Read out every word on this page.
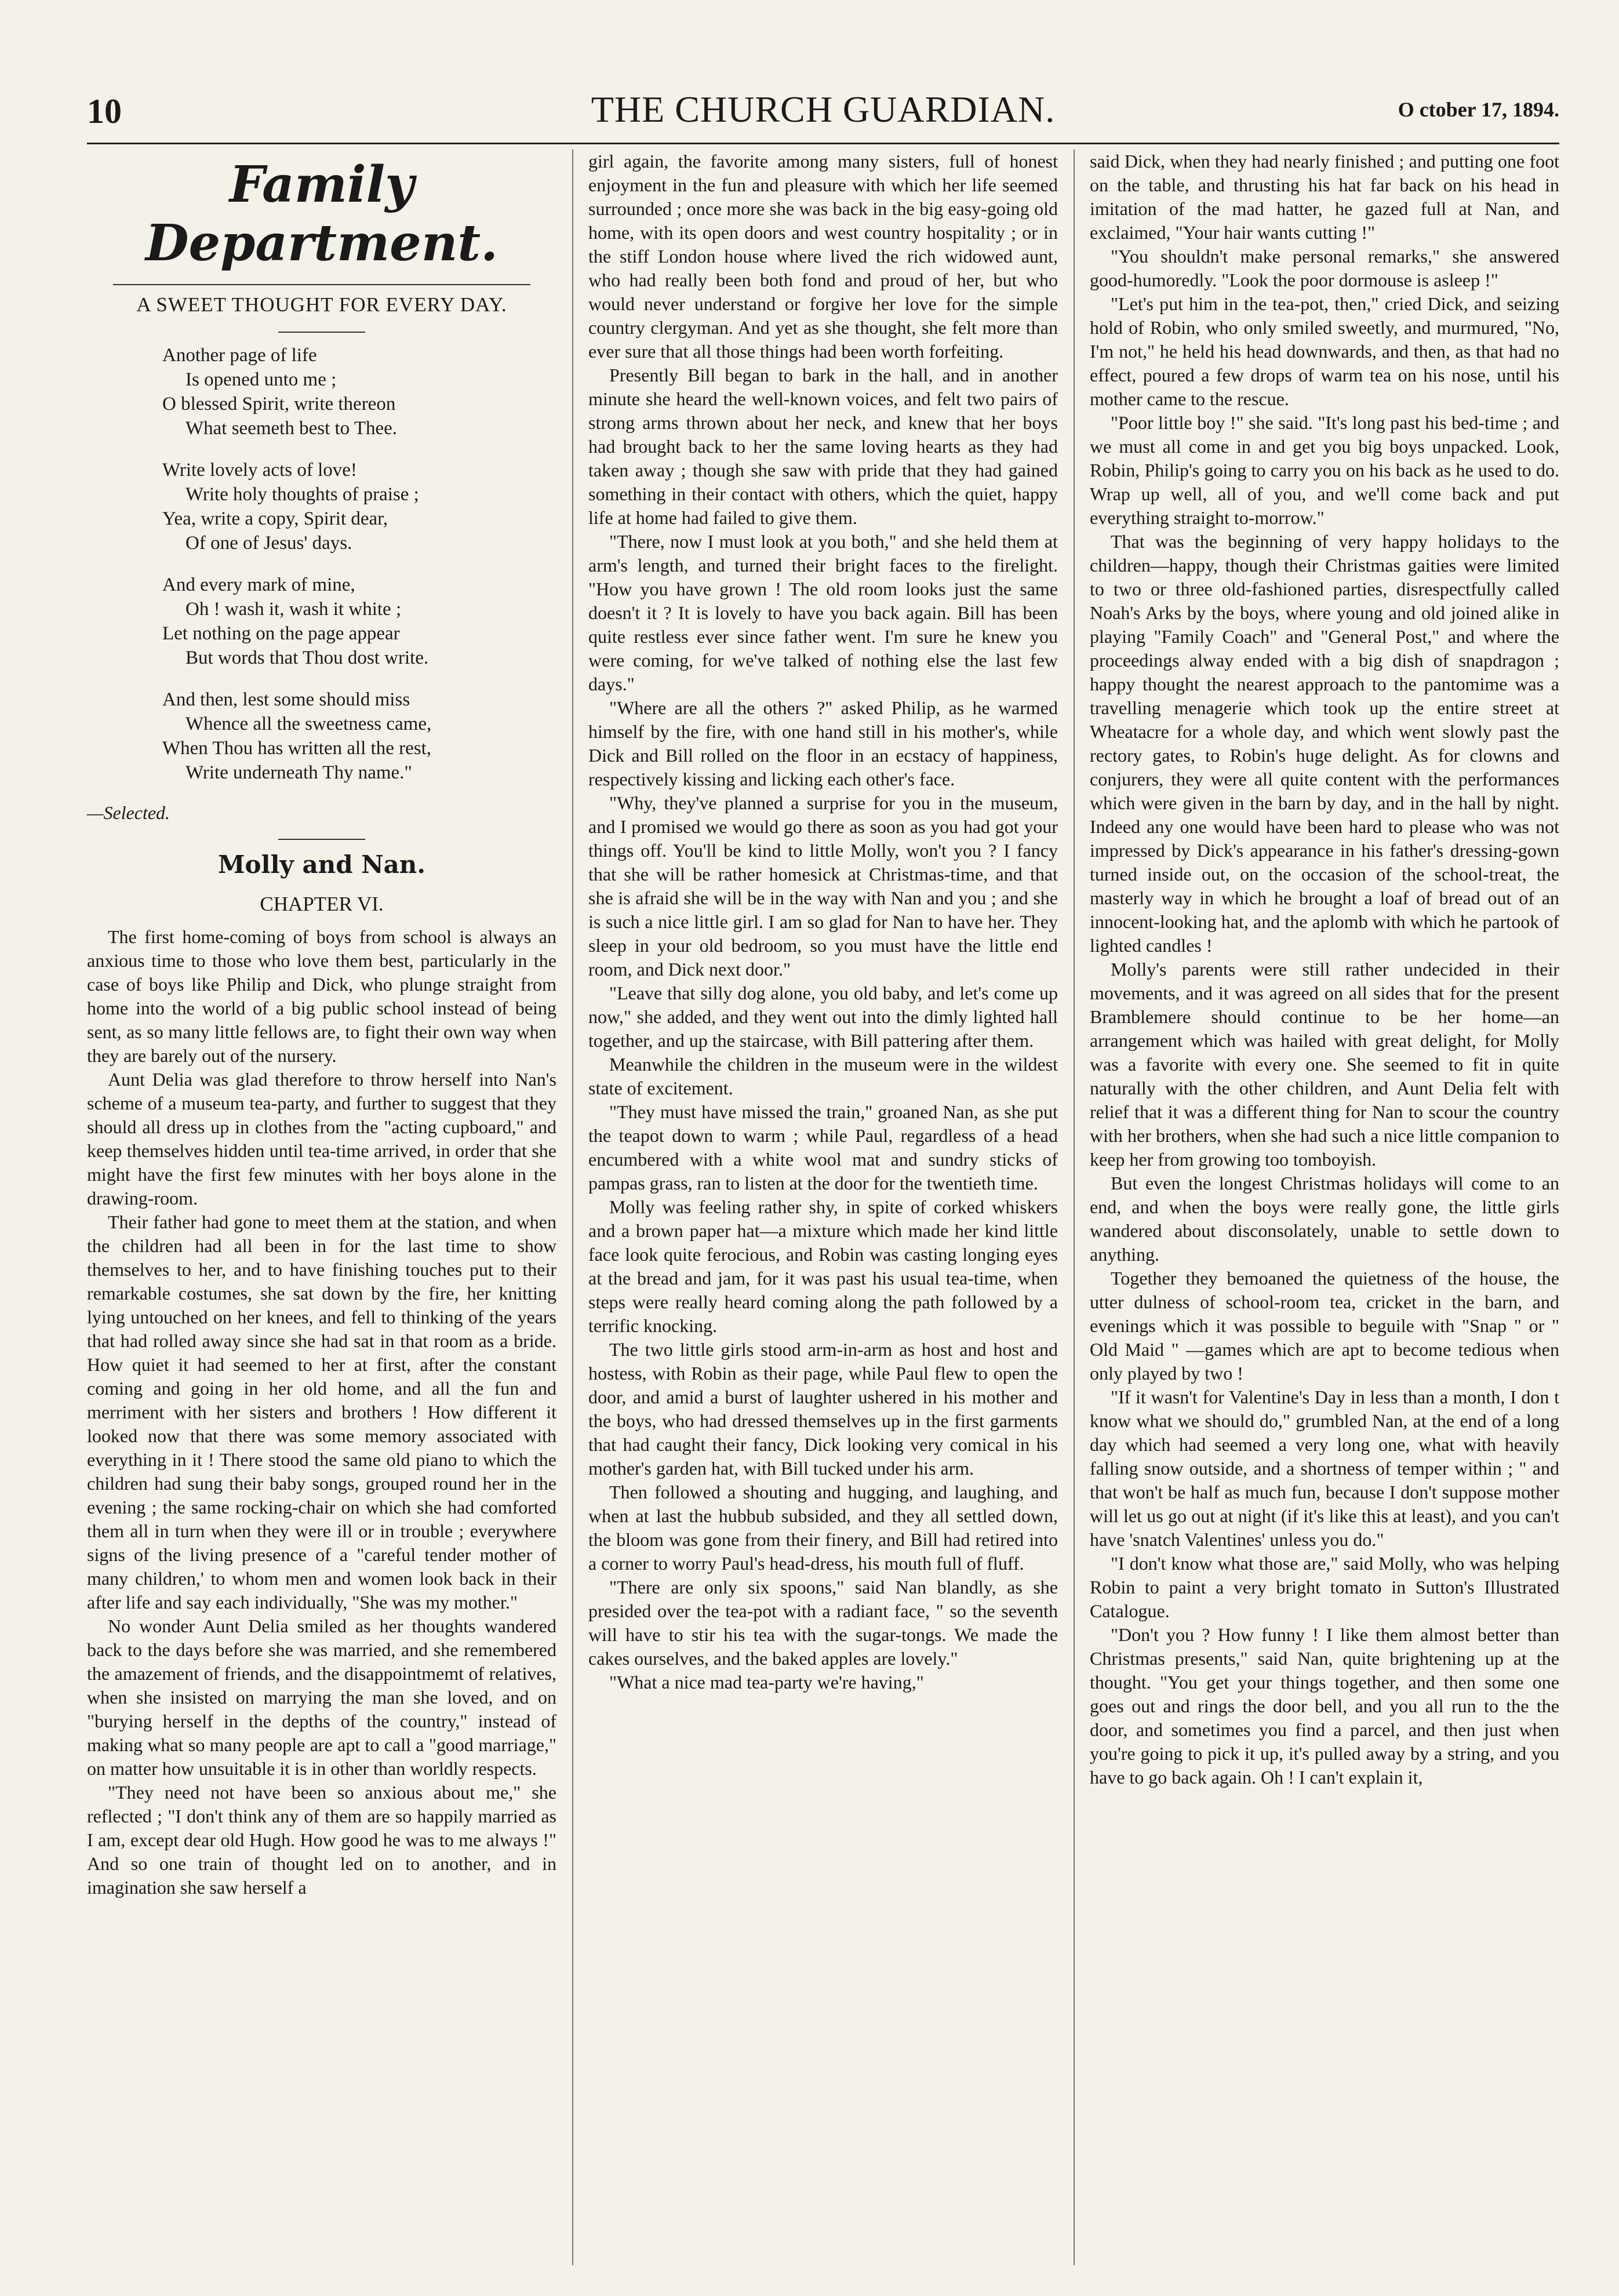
10	THE CHURCH GUARDIAN.	O ctober 17, 1894.
Family Department.
A SWEET THOUGHT FOR EVERY DAY.
Another page of life
Is opened unto me ;
O blessed Spirit, write thereon
What seemeth best to Thee.
Write lovely acts of love!
Write holy thoughts of praise ;
Yea, write a copy, Spirit dear,
Of one of Jesus' days.
And every mark of mine,
Oh ! wash it, wash it white ;
Let nothing on the page appear
But words that Thou dost write.
And then, lest some should miss
Whence all the sweetness came,
When Thou has written all the rest,
Write underneath Thy name."
—Selected.
Molly and Nan.
CHAPTER VI.

The first home-coming of boys from school is always an anxious time to those who love them best, particularly in the case of boys like Philip and Dick, who plunge straight from home into the world of a big public school instead of being sent, as so many little fellows are, to fight their own way when they are barely out of the nursery.

Aunt Delia was glad therefore to throw herself into Nan's scheme of a museum tea-party, and further to suggest that they should all dress up in clothes from the "acting cupboard," and keep themselves hidden until tea-time arrived, in order that she might have the first few minutes with her boys alone in the drawing-room.

Their father had gone to meet them at the station, and when the children had all been in for the last time to show themselves to her, and to have finishing touches put to their remarkable costumes, she sat down by the fire, her knitting lying untouched on her knees, and fell to thinking of the years that had rolled away since she had sat in that room as a bride. How quiet it had seemed to her at first, after the constant coming and going in her old home, and all the fun and merriment with her sisters and brothers ! How different it looked now that there was some memory associated with everything in it ! There stood the same old piano to which the children had sung their baby songs, grouped round her in the evening ; the same rocking-chair on which she had comforted them all in turn when they were ill or in trouble ; everywhere signs of the living presence of a "careful tender mother of many children,' to whom men and women look back in their after life and say each individually, "She was my mother."

No wonder Aunt Delia smiled as her thoughts wandered back to the days before she was married, and she remembered the amazement of friends, and the disappointmemt of relatives, when she insisted on marrying the man she loved, and on "burying herself in the depths of the country," instead of making what so many people are apt to call a "good marriage," on matter how unsuitable it is in other than worldly respects.

"They need not have been so anxious about me," she reflected ; "I don't think any of them are so happily married as I am, except dear old Hugh. How good he was to me always !" And so one train of thought led on to another, and in imagination she saw herself a

girl again, the favorite among many sisters, full of honest enjoyment in the fun and pleasure with which her life seemed surrounded ; once more she was back in the big easy-going old home, with its open doors and west country hospitality ; or in the stiff London house where lived the rich widowed aunt, who had really been both fond and proud of her, but who would never understand or forgive her love for the simple country clergyman. And yet as she thought, she felt more than ever sure that all those things had been worth forfeiting.

Presently Bill began to bark in the hall, and in another minute she heard the well-known voices, and felt two pairs of strong arms thrown about her neck, and knew that her boys had brought back to her the same loving hearts as they had taken away ; though she saw with pride that they had gained something in their contact with others, which the quiet, happy life at home had failed to give them.

"There, now I must look at you both," and she held them at arm's length, and turned their bright faces to the firelight. "How you have grown ! The old room looks just the same doesn't it ? It is lovely to have you back again. Bill has been quite restless ever since father went. I'm sure he knew you were coming, for we've talked of nothing else the last few days."

"Where are all the others ?" asked Philip, as he warmed himself by the fire, with one hand still in his mother's, while Dick and Bill rolled on the floor in an ecstacy of happiness, respectively kissing and licking each other's face.

"Why, they've planned a surprise for you in the museum, and I promised we would go there as soon as you had got your things off. You'll be kind to little Molly, won't you ? I fancy that she will be rather homesick at Christmas-time, and that she is afraid she will be in the way with Nan and you ; and she is such a nice little girl. I am so glad for Nan to have her. They sleep in your old bedroom, so you must have the little end room, and Dick next door."

"Leave that silly dog alone, you old baby, and let's come up now," she added, and they went out into the dimly lighted hall together, and up the staircase, with Bill pattering after them.

Meanwhile the children in the museum were in the wildest state of excitement.

"They must have missed the train," groaned Nan, as she put the teapot down to warm ; while Paul, regardless of a head encumbered with a white wool mat and sundry sticks of pampas grass, ran to listen at the door for the twentieth time.

Molly was feeling rather shy, in spite of corked whiskers and a brown paper hat—a mixture which made her kind little face look quite ferocious, and Robin was casting longing eyes at the bread and jam, for it was past his usual tea-time, when steps were really heard coming along the path followed by a terrific knocking.

The two little girls stood arm-in-arm as host and host and hostess, with Robin as their page, while Paul flew to open the door, and amid a burst of laughter ushered in his mother and the boys, who had dressed themselves up in the first garments that had caught their fancy, Dick looking very comical in his mother's garden hat, with Bill tucked under his arm.

Then followed a shouting and hugging, and laughing, and when at last the hubbub subsided, and they all settled down, the bloom was gone from their finery, and Bill had retired into a corner to worry Paul's head-dress, his mouth full of fluff.

"There are only six spoons," said Nan blandly, as she presided over the tea-pot with a radiant face, " so the seventh will have to stir his tea with the sugar-tongs. We made the cakes ourselves, and the baked apples are lovely."

"What a nice mad tea-party we're having,"

said Dick, when they had nearly finished ; and putting one foot on the table, and thrusting his hat far back on his head in imitation of the mad hatter, he gazed full at Nan, and exclaimed, "Your hair wants cutting !"

"You shouldn't make personal remarks," she answered good-humoredly. "Look the poor dormouse is asleep !"

"Let's put him in the tea-pot, then," cried Dick, and seizing hold of Robin, who only smiled sweetly, and murmured, "No, I'm not," he held his head downwards, and then, as that had no effect, poured a few drops of warm tea on his nose, until his mother came to the rescue.

"Poor little boy !" she said. "It's long past his bed-time ; and we must all come in and get you big boys unpacked. Look, Robin, Philip's going to carry you on his back as he used to do. Wrap up well, all of you, and we'll come back and put everything straight to-morrow."

That was the beginning of very happy holidays to the children—happy, though their Christmas gaities were limited to two or three old-fashioned parties, disrespectfully called Noah's Arks by the boys, where young and old joined alike in playing "Family Coach" and "General Post," and where the proceedings alway ended with a big dish of snapdragon ; happy thought the nearest approach to the pantomime was a travelling menagerie which took up the entire street at Wheatacre for a whole day, and which went slowly past the rectory gates, to Robin's huge delight. As for clowns and conjurers, they were all quite content with the performances which were given in the barn by day, and in the hall by night. Indeed any one would have been hard to please who was not impressed by Dick's appearance in his father's dressing-gown turned inside out, on the occasion of the school-treat, the masterly way in which he brought a loaf of bread out of an innocent-looking hat, and the aplomb with which he partook of lighted candles !

Molly's parents were still rather undecided in their movements, and it was agreed on all sides that for the present Bramblemere should continue to be her home—an arrangement which was hailed with great delight, for Molly was a favorite with every one. She seemed to fit in quite naturally with the other children, and Aunt Delia felt with relief that it was a different thing for Nan to scour the country with her brothers, when she had such a nice little companion to keep her from growing too tomboyish.

But even the longest Christmas holidays will come to an end, and when the boys were really gone, the little girls wandered about disconsolately, unable to settle down to anything.

Together they bemoaned the quietness of the house, the utter dulness of school-room tea, cricket in the barn, and evenings which it was possible to beguile with "Snap " or " Old Maid " —games which are apt to become tedious when only played by two !

"If it wasn't for Valentine's Day in less than a month, I don t know what we should do," grumbled Nan, at the end of a long day which had seemed a very long one, what with heavily falling snow outside, and a shortness of temper within ; " and that won't be half as much fun, because I don't suppose mother will let us go out at night (if it's like this at least), and you can't have 'snatch Valentines' unless you do."

"I don't know what those are," said Molly, who was helping Robin to paint a very bright tomato in Sutton's Illustrated Catalogue.

"Don't you ? How funny ! I like them almost better than Christmas presents," said Nan, quite brightening up at the thought. "You get your things together, and then some one goes out and rings the door bell, and you all run to the the door, and sometimes you find a parcel, and then just when you're going to pick it up, it's pulled away by a string, and you have to go back again. Oh ! I can't explain it,
